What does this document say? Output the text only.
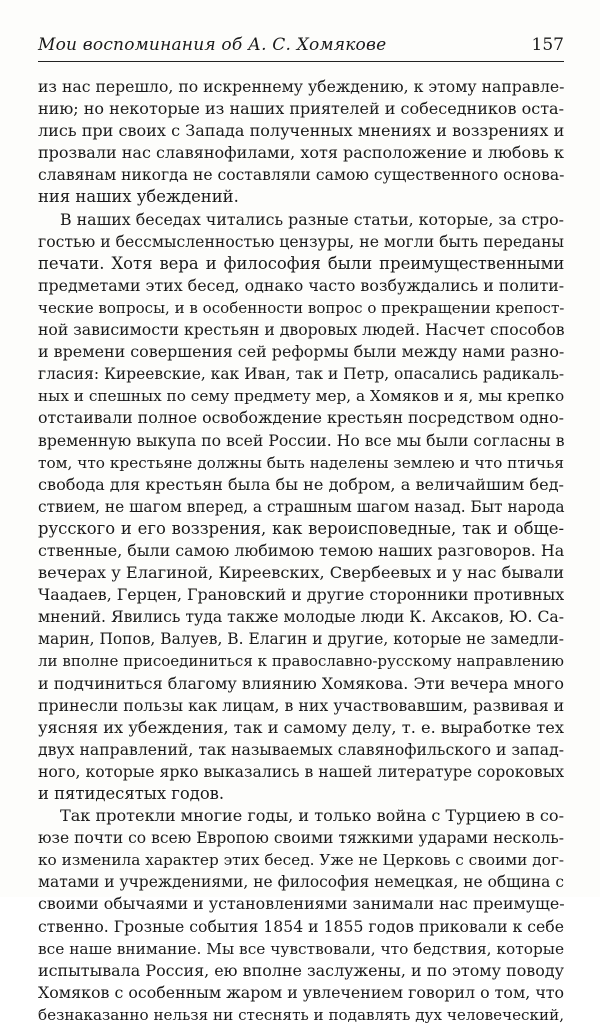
Мои воспоминания об А. С. Хомякове	157
из нас перешло, по искреннему убеждению, к этому направле-
нию; но некоторые из наших приятелей и собеседников оста-
лись при своих с Запада полученных мнениях и воззрениях и
прозвали нас славянофилами, хотя расположение и любовь к
славянам никогда не составляли самою существенного основа-
ния наших убеждений.
В наших беседах читались разные статьи, которые, за стро-
гостью и бессмысленностью цензуры, не могли быть переданы
печати. Хотя вера и философия были преимущественными
предметами этих бесед, однако часто возбуждались и полити-
ческие вопросы, и в особенности вопрос о прекращении крепост-
ной зависимости крестьян и дворовых людей. Насчет способов
и времени совершения сей реформы были между нами разно-
гласия: Киреевские, как Иван, так и Петр, опасались радикаль-
ных и спешных по сему предмету мер, а Хомяков и я, мы крепко
отстаивали полное освобождение крестьян посредством одно-
временную выкупа по всей России. Но все мы были согласны в
том, что крестьяне должны быть наделены землею и что птичья
свобода для крестьян была бы не добром, а величайшим бед-
ствием, не шагом вперед, а страшным шагом назад. Быт народа
русского и его воззрения, как вероисповедные, так и обще-
ственные, были самою любимою темою наших разговоров. На
вечерах у Елагиной, Киреевских, Свербеевых и у нас бывали
Чаадаев, Герцен, Грановский и другие сторонники противных
мнений. Явились туда также молодые люди К. Аксаков, Ю. Са-
марин, Попов, Валуев, В. Елагин и другие, которые не замедли-
ли вполне присоединиться к православно-русскому направлению
и подчиниться благому влиянию Хомякова. Эти вечера много
принесли пользы как лицам, в них участвовавшим, развивая и
уясняя их убеждения, так и самому делу, т. е. выработке тех
двух направлений, так называемых славянофильского и запад-
ного, которые ярко выказались в нашей литературе сороковых
и пятидесятых годов.
Так протекли многие годы, и только война с Турциею в со-
юзе почти со всею Европою своими тяжкими ударами несколь-
ко изменила характер этих бесед. Уже не Церковь с своими дог-
матами и учреждениями, не философия немецкая, не община с
своими обычаями и установлениями занимали нас преимуще-
ственно. Грозные события 1854 и 1855 годов приковали к себе
все наше внимание. Мы все чувствовали, что бедствия, которые
испытывала Россия, ею вполне заслужены, и по этому поводу
Хомяков с особенным жаром и увлечением говорил о том, что
безнаказанно нельзя ни стеснять и подавлять дух человеческий,
